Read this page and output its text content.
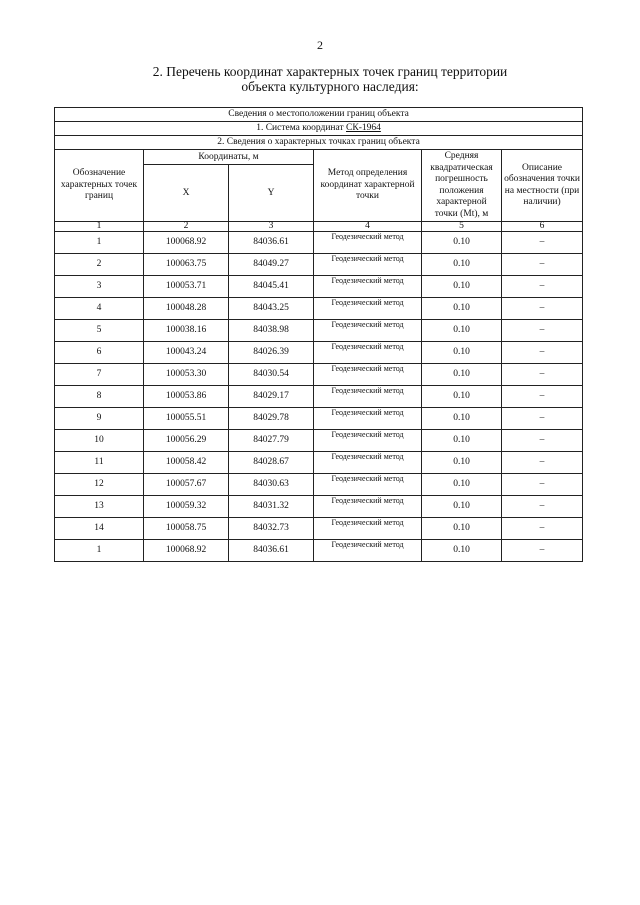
2
2. Перечень координат характерных точек границ территории
объекта культурного наследия:
Сведения о местоположении границ объекта					
1. Система координат СК-1964					
2. Сведения о характерных точках границ объекта					
Обозначение характерных точек границ	Координаты, м		Метод определения координат характерной точки	Средняя квадратическая погрешность положения характерной точки (Мt), м	Описание обозначения точки на местности (при наличии)
	X	Y			
1	2	3	4	5	6
1	100068.92	84036.61	Геодезический метод	0.10	–
2	100063.75	84049.27	Геодезический метод	0.10	–
3	100053.71	84045.41	Геодезический метод	0.10	–
4	100048.28	84043.25	Геодезический метод	0.10	–
5	100038.16	84038.98	Геодезический метод	0.10	–
6	100043.24	84026.39	Геодезический метод	0.10	–
7	100053.30	84030.54	Геодезический метод	0.10	–
8	100053.86	84029.17	Геодезический метод	0.10	–
9	100055.51	84029.78	Геодезический метод	0.10	–
10	100056.29	84027.79	Геодезический метод	0.10	–
11	100058.42	84028.67	Геодезический метод	0.10	–
12	100057.67	84030.63	Геодезический метод	0.10	–
13	100059.32	84031.32	Геодезический метод	0.10	–
14	100058.75	84032.73	Геодезический метод	0.10	–
1	100068.92	84036.61	Геодезический метод	0.10	–
